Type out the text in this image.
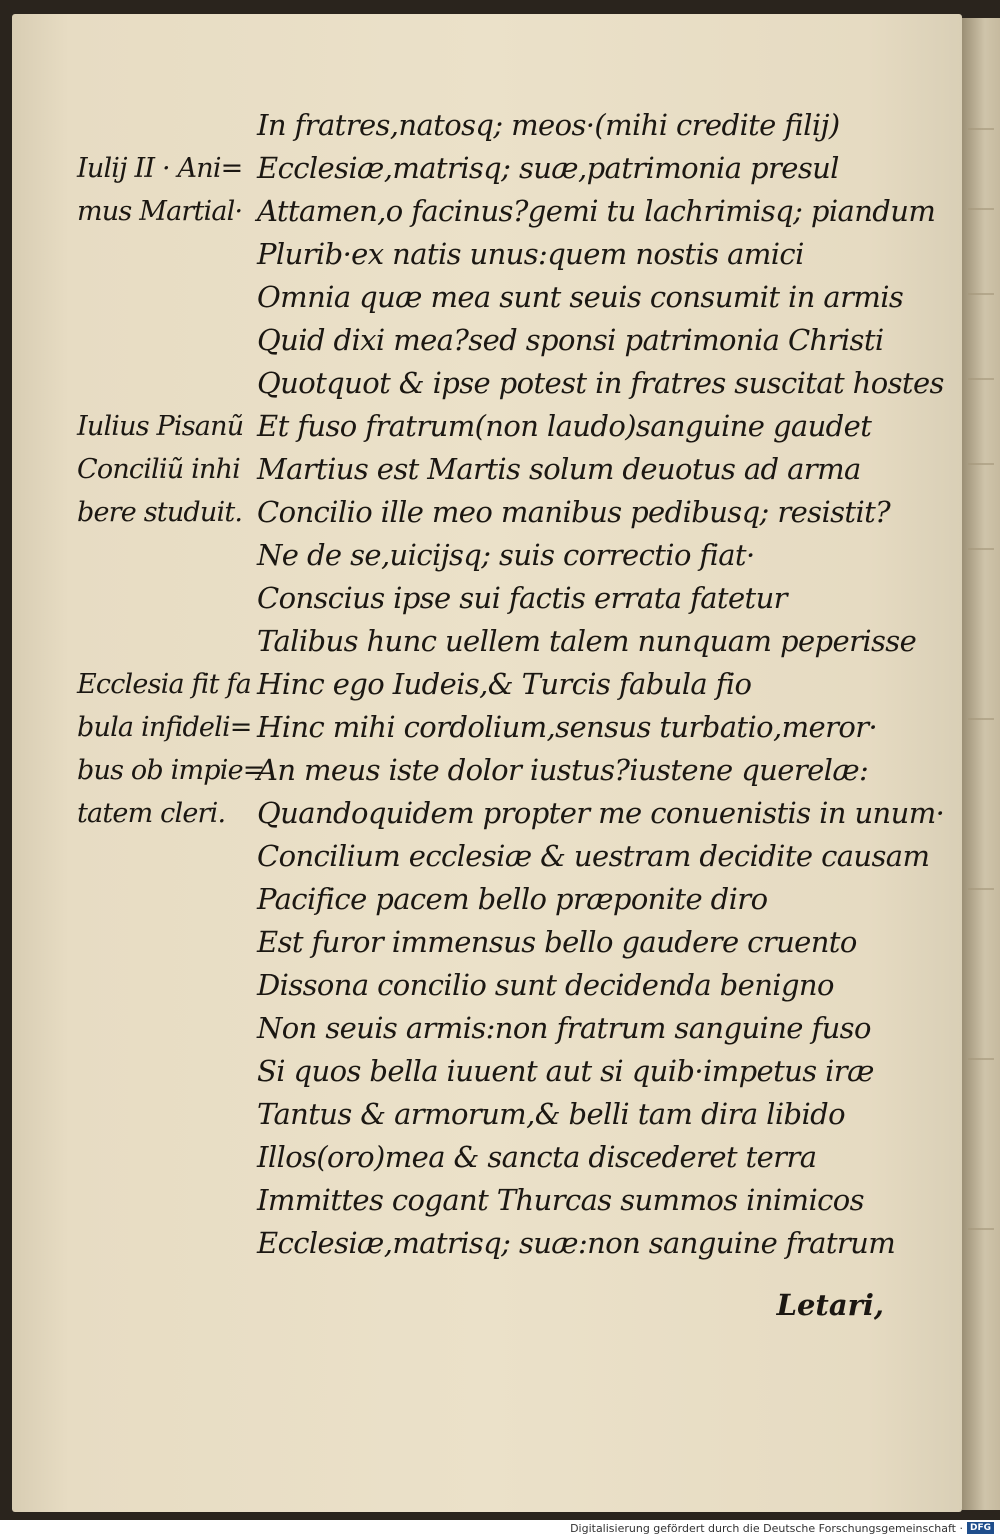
In fratres,natosq; meos·(mihi credite filij)
Ecclesiæ,matrisq; suæ,patrimonia presul
Attamen,o facinus?gemi tu lachrimisq; piandum
Plurib·ex natis unus:quem nostis amici
Omnia quæ mea sunt seuis consumit in armis
Quid dixi mea?sed sponsi patrimonia Christi
Quotquot & ipse potest in fratres suscitat hostes
Et fuso fratrum(non laudo)sanguine gaudet
Martius est Martis solum deuotus ad arma
Concilio ille meo manibus pedibusq; resistit?
Ne de se,uicijsq; suis correctio fiat·
Conscius ipse sui factis errata fatetur
Talibus hunc uellem talem nunquam peperisse
Hinc ego Iudeis,& Turcis fabula fio
Hinc mihi cordolium,sensus turbatio,meror·
An meus iste dolor iustus?iustene querelæ:
Quandoquidem propter me conuenistis in unum·
Concilium ecclesiæ & uestram decidite causam
Pacifice pacem bello præponite diro
Est furor immensus bello gaudere cruento
Dissona concilio sunt decidenda benigno
Non seuis armis:non fratrum sanguine fuso
Si quos bella iuuent aut si quib·impetus iræ
Tantus & armorum,& belli tam dira libido
Illos(oro)mea & sancta discederet terra
Immittes cogant Thurcas summos inimicos
Ecclesiæ,matrisq; suæ:non sanguine fratrum
Iulij II · Ani=
mus Martial·
Iulius Pisanũ
Conciliũ inhi
bere studuit.
Ecclesia fit fa
bula infideli=
bus ob impie=
tatem cleri.
Letari,
Digitalisierung gefördert durch die Deutsche Forschungsgemeinschaft · DFG
